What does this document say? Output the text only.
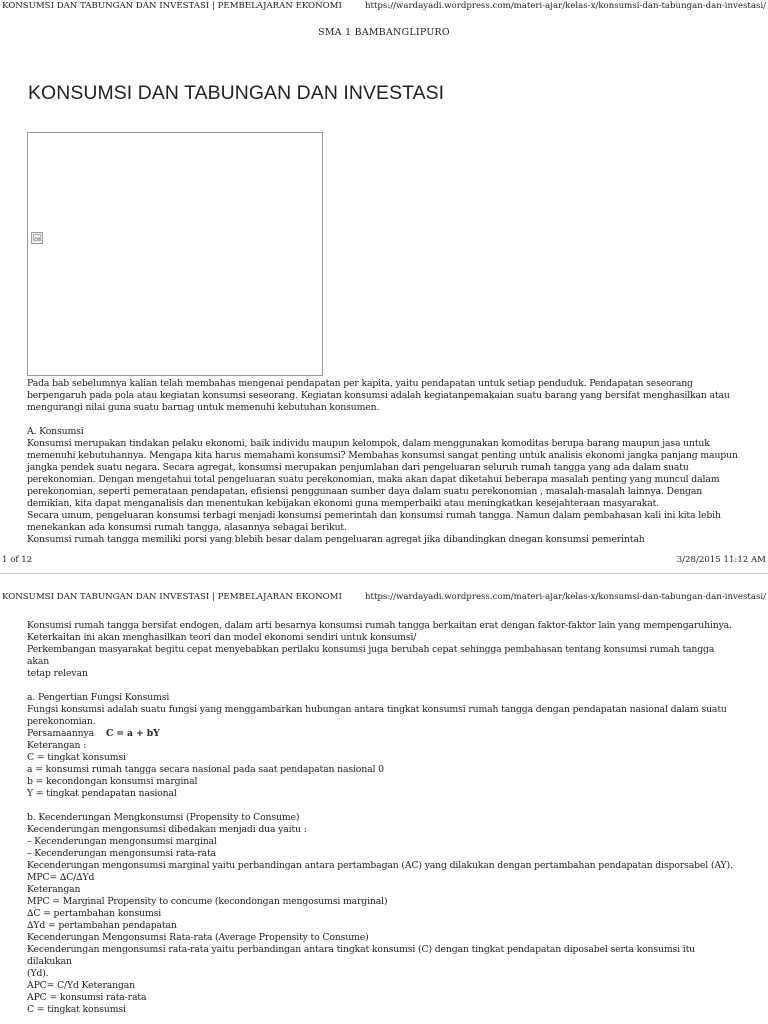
KONSUMSI DAN TABUNGAN DAN INVESTASI | PEMBELAJARAN EKONOMI	https://wardayadi.wordpress.com/materi-ajar/kelas-x/konsumsi-dan-tabungan-dan-investasi/
SMA 1 BAMBANGLIPURO
KONSUMSI DAN TABUNGAN DAN INVESTASI

Pada bab sebelumnya kalian telah membahas mengenai pendapatan per kapita, yaitu pendapatan untuk setiap penduduk. Pendapatan seseorang

berpengaruh pada pola atau kegiatan konsumsi seseorang. Kegiatan konsumsi adalah kegiatanpemakaian suatu barang yang bersifat menghasilkan atau

mengurangi nilai guna suatu barnag untuk memenuhi kebutuhan konsumen.

A. Konsumsi

Konsumsi merupakan tindakan pelaku ekonomi, baik individu maupun kelompok, dalam menggunakan komoditas berupa barang maupun jasa untuk

memenuhi kebutuhannya. Mengapa kita harus memahami konsumsi? Membahas konsumsi sangat penting untuk analisis ekonomi jangka panjang maupun

jangka pendek suatu negara. Secara agregat, konsumsi merupakan penjumlahan dari pengeluaran seluruh rumah tangga yang ada dalam suatu

perekonomian. Dengan mengetahui total pengeluaran suatu perekonomian, maka akan dapat diketahui beberapa masalah penting yang muncul dalam

perekonomian, seperti pemerataan pendapatan, efisiensi penggunaan sumber daya dalam suatu perekonomian , masalah-masalah lainnya. Dengan

demikian, kita dapat menganalisis dan menentukan kebijakan ekonomi guna memperbaiki atau meningkatkan kesejahteraan masyarakat.

Secara umum, pengeluaran konsumsi terbagi menjadi konsumsi pemerintah dan konsumsi rumah tangga. Namun dalam pembahasan kali ini kita lebih

menekankan ada konsumsi rumah tangga, alasannya sebagai berikut.

Konsumsi rumah tangga memiliki porsi yang blebih besar dalam pengeluaran agregat jika dibandingkan dnegan konsumsi pemerintah

1 of 12	3/28/2015 11:12 AM
KONSUMSI DAN TABUNGAN DAN INVESTASI | PEMBELAJARAN EKONOMI	https://wardayadi.wordpress.com/materi-ajar/kelas-x/konsumsi-dan-tabungan-dan-investasi/

Konsumsi rumah tangga bersifat endogen, dalam arti besarnya konsumsi rumah tangga berkaitan erat dengan faktor-faktor lain yang mempengaruhinya.

Keterkaitan ini akan menghasilkan teori dan model ekonomi sendiri untuk konsumsi/

Perkembangan masyarakat begitu cepat menyebabkan perilaku konsumsi juga berubah cepat sehingga pembahasan tentang konsumsi rumah tangga akan

tetap relevan

a. Pengertian Fungsi Konsumsi

Fungsi konsumsi adalah suatu fungsi yang menggambarkan hubungan antara tingkat konsumsi rumah tangga dengan pendapatan nasional dalam suatu

perekonomian.

Persamaannya C = a + bY

Keterangan :

C = tingkat konsumsi

a = konsumsi rumah tangga secara nasional pada saat pendapatan nasional 0

b = kecondongan konsumsi marginal

Y = tingkat pendapatan nasional

b. Kecenderungan Mengkonsumsi (Propensity to Consume)

Kecenderungan mengonsumsi dibedakan menjadi dua yaitu :

– Kecenderungan mengonsumsi marginal

– Kecenderungan mengonsumsi rata-rata

Kecenderungan mengonsumsi marginal yaitu perbandingan antara pertambagan (AC) yang dilakukan dengan pertambahan pendapatan disporsabel (AY).

MPC= ∆C/∆Yd

Keterangan

MPC = Marginal Propensity to concume (kecondongan mengosumsi marginal)

∆C = pertambahan konsumsi

∆Yd = pertambahan pendapatan

Kecenderungan Mengonsumsi Rata-rata (Average Propensity to Consume)

Kecenderungan mengonsumsi rata-rata yaitu perbandingan antara tingkat konsumsi (C) dengan tingkat pendapatan diposabel serta konsumsi itu dilakukan

(Yd).

APC= C/Yd Keterangan

APC = konsumsi rata-rata

C = tingkat konsumsi
